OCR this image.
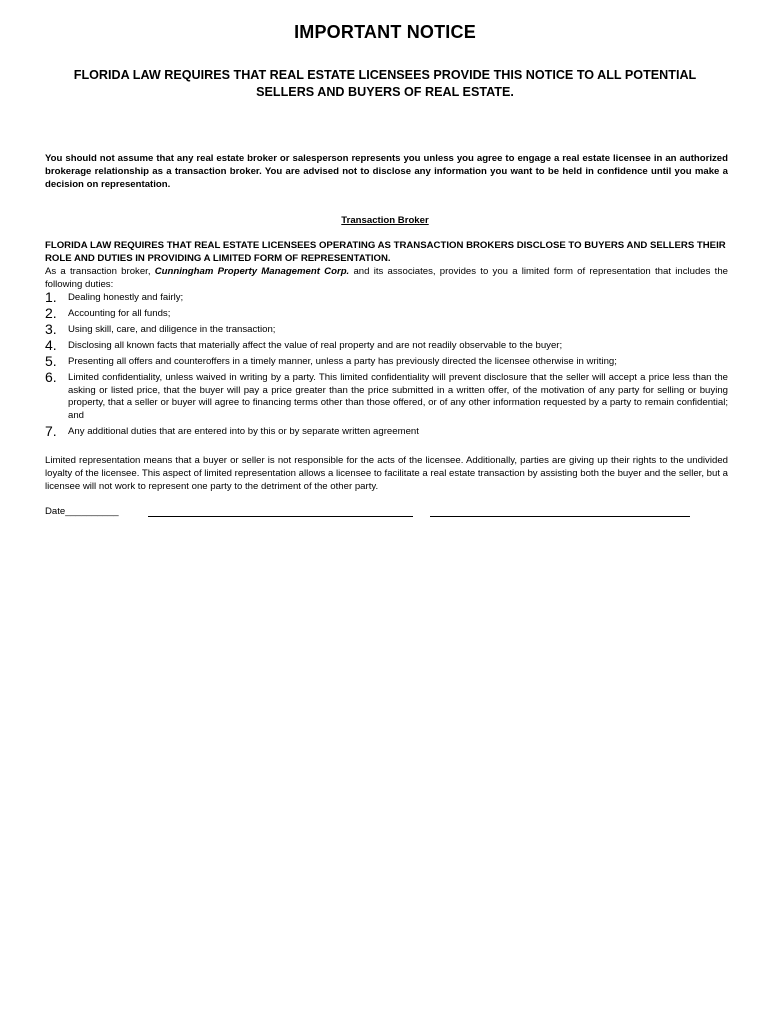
IMPORTANT NOTICE
FLORIDA LAW REQUIRES THAT REAL ESTATE LICENSEES PROVIDE THIS NOTICE TO ALL POTENTIAL SELLERS AND BUYERS OF REAL ESTATE.
You should not assume that any real estate broker or salesperson represents you unless you agree to engage a real estate licensee in an authorized brokerage relationship as a transaction broker. You are advised not to disclose any information you want to be held in confidence until you make a decision on representation.
Transaction Broker
FLORIDA LAW REQUIRES THAT REAL ESTATE LICENSEES OPERATING AS TRANSACTION BROKERS DISCLOSE TO BUYERS AND SELLERS THEIR ROLE AND DUTIES IN PROVIDING A LIMITED FORM OF REPRESENTATION.
As a transaction broker, Cunningham Property Management Corp. and its associates, provides to you a limited form of representation that includes the following duties:
1. Dealing honestly and fairly;
2. Accounting for all funds;
3. Using skill, care, and diligence in the transaction;
4. Disclosing all known facts that materially affect the value of real property and are not readily observable to the buyer;
5. Presenting all offers and counteroffers in a timely manner, unless a party has previously directed the licensee otherwise in writing;
6. Limited confidentiality, unless waived in writing by a party. This limited confidentiality will prevent disclosure that the seller will accept a price less than the asking or listed price, that the buyer will pay a price greater than the price submitted in a written offer, of the motivation of any party for selling or buying property, that a seller or buyer will agree to financing terms other than those offered, or of any other information requested by a party to remain confidential; and
7. Any additional duties that are entered into by this or by separate written agreement
Limited representation means that a buyer or seller is not responsible for the acts of the licensee. Additionally, parties are giving up their rights to the undivided loyalty of the licensee. This aspect of limited representation allows a licensee to facilitate a real estate transaction by assisting both the buyer and the seller, but a licensee will not work to represent one party to the detriment of the other party.
Date__________
